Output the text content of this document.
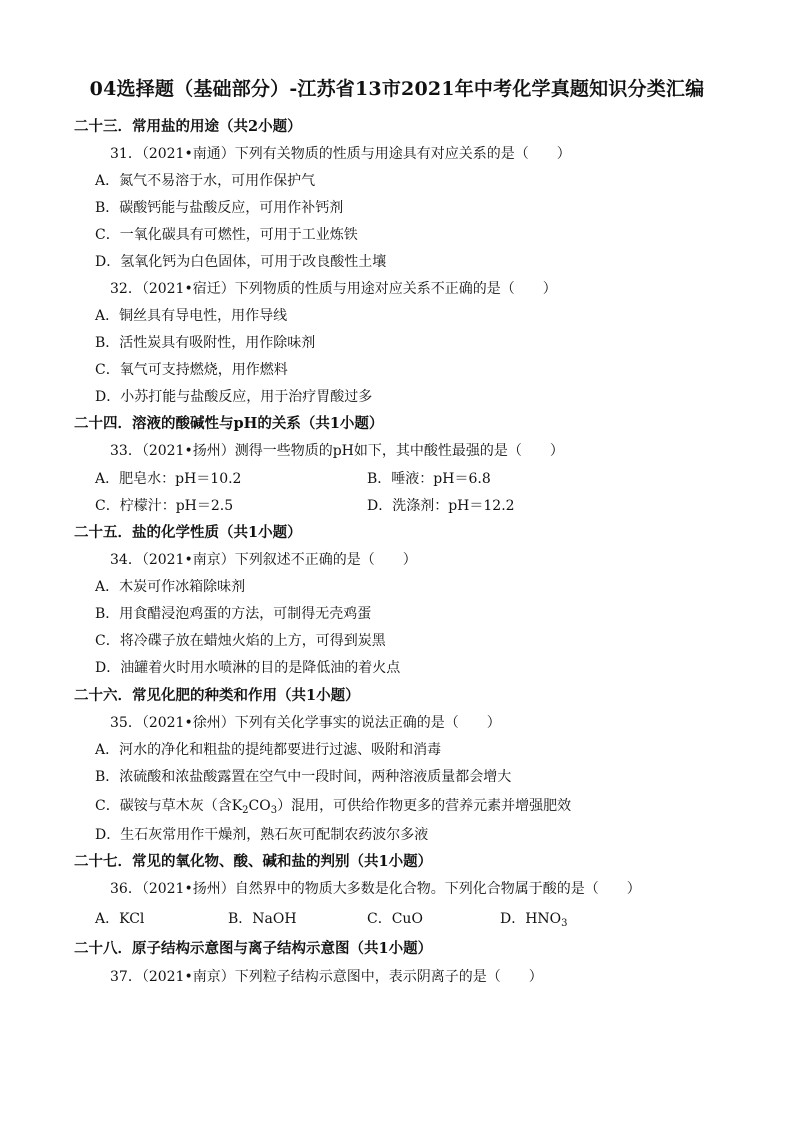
04选择题（基础部分）-江苏省13市2021年中考化学真题知识分类汇编
二十三．常用盐的用途（共2小题）
31．（2021•南通）下列有关物质的性质与用途具有对应关系的是（　　）
A．氮气不易溶于水，可用作保护气
B．碳酸钙能与盐酸反应，可用作补钙剂
C．一氧化碳具有可燃性，可用于工业炼铁
D．氢氧化钙为白色固体，可用于改良酸性土壤
32．（2021•宿迁）下列物质的性质与用途对应关系不正确的是（　　）
A．铜丝具有导电性，用作导线
B．活性炭具有吸附性，用作除味剂
C．氧气可支持燃烧，用作燃料
D．小苏打能与盐酸反应，用于治疗胃酸过多
二十四．溶液的酸碱性与pH的关系（共1小题）
33．（2021•扬州）测得一些物质的pH如下，其中酸性最强的是（　　）
A．肥皂水：pH＝10.2	B．唾液：pH＝6.8
C．柠檬汁：pH＝2.5	D．洗涤剂：pH＝12.2
二十五．盐的化学性质（共1小题）
34．（2021•南京）下列叙述不正确的是（　　）
A．木炭可作冰箱除味剂
B．用食醋浸泡鸡蛋的方法，可制得无壳鸡蛋
C．将冷碟子放在蜡烛火焰的上方，可得到炭黑
D．油罐着火时用水喷淋的目的是降低油的着火点
二十六．常见化肥的种类和作用（共1小题）
35．（2021•徐州）下列有关化学事实的说法正确的是（　　）
A．河水的净化和粗盐的提纯都要进行过滤、吸附和消毒
B．浓硫酸和浓盐酸露置在空气中一段时间，两种溶液质量都会增大
C．碳铵与草木灰（含$K_2CO_3$）混用，可供给作物更多的营养元素并增强肥效
D．生石灰常用作干燥剂，熟石灰可配制农药波尔多液
二十七．常见的氧化物、酸、碱和盐的判别（共1小题）
36．（2021•扬州）自然界中的物质大多数是化合物。下列化合物属于酸的是（　　）
A．KCl	B．NaOH	C．CuO	D．$HNO_3$
二十八．原子结构示意图与离子结构示意图（共1小题）
37．（2021•南京）下列粒子结构示意图中，表示阴离子的是（　　）
